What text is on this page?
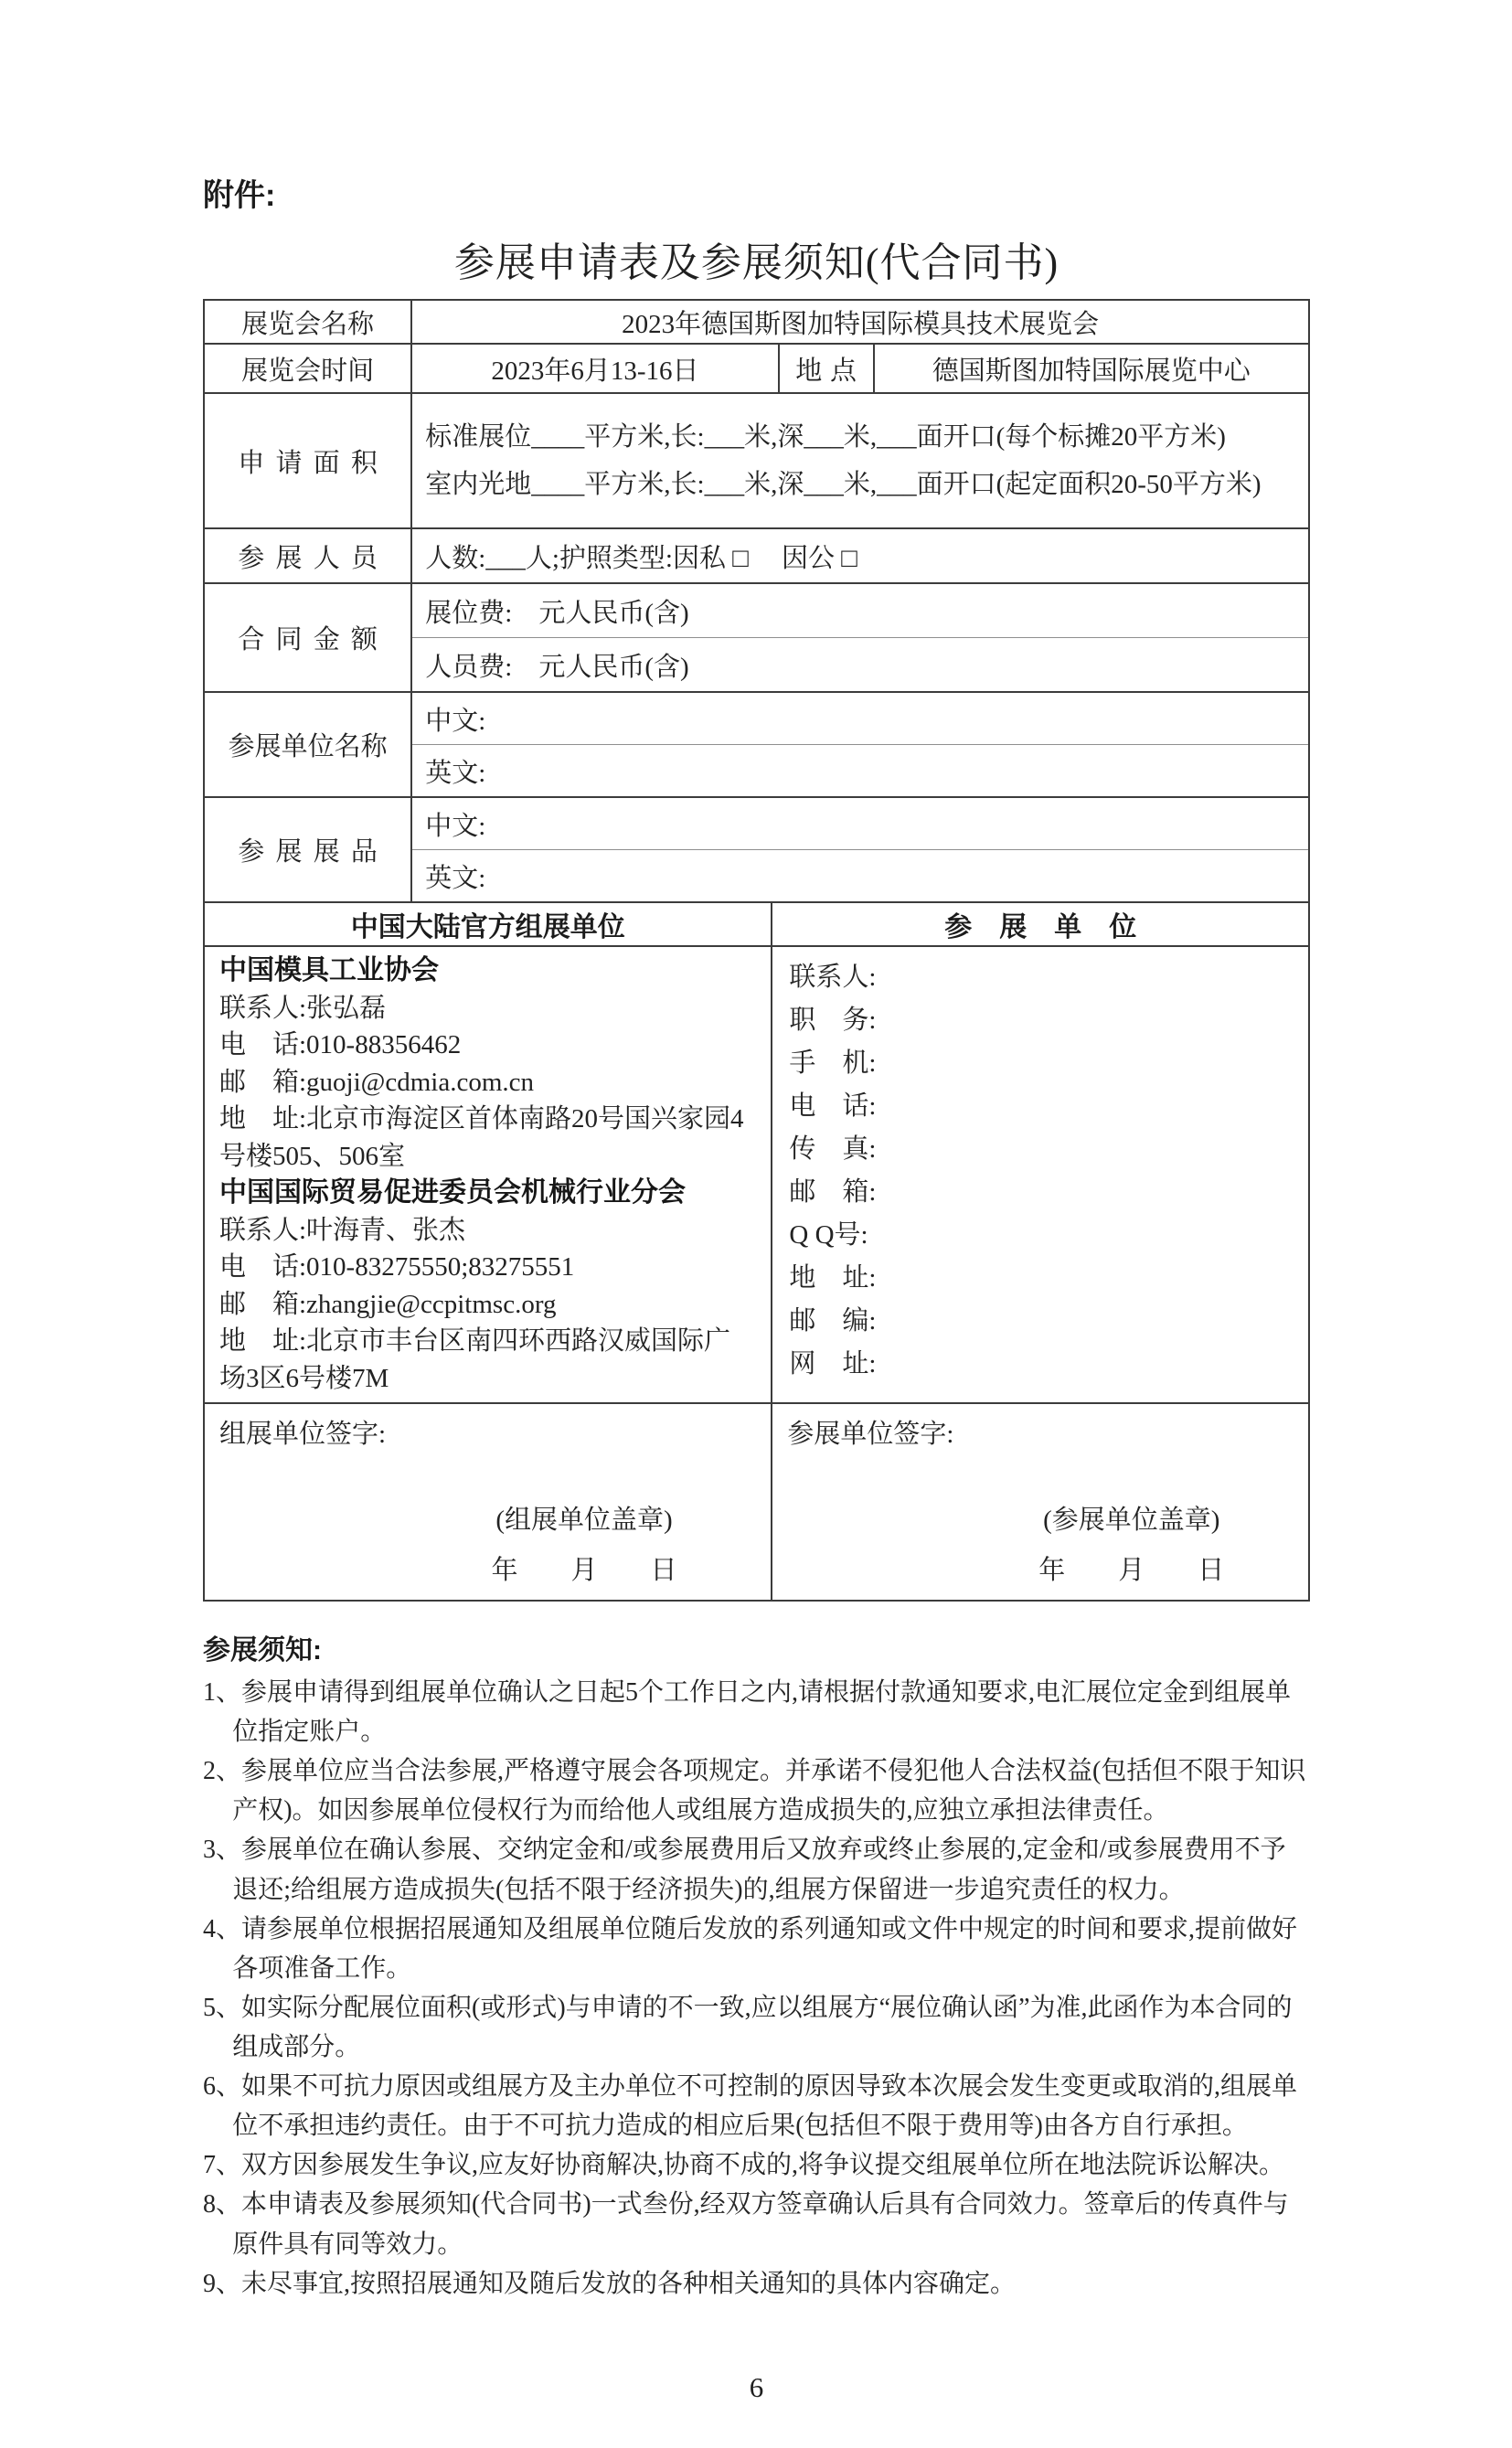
附件:
参展申请表及参展须知(代合同书)
展览会名称	2023年德国斯图加特国际模具技术展览会		
展览会时间	2023年6月13-16日	地点	德国斯图加特国际展览中心
申请面积	标准展位____平方米,长:___米,深___米,___面开口(每个标摊20平方米)
室内光地____平方米,长:___米,深___米,___面开口(起定面积20-50平方米)		

参展人员	人数:___人;护照类型:因私 □　 因公 □		
合同金额	展位费:　元人民币(含)		
	人员费:　元人民币(含)		
参展单位名称	中文:		
	英文:		
参展展品	中文:		
	英文:		
中国大陆官方组展单位	参　展　单　位

中国模具工业协会
联系人:张弘磊
电　话:010-88356462
邮　箱:guoji@cdmia.com.cn
地　址:北京市海淀区首体南路20号国兴家园4号楼505、506室
中国国际贸易促进委员会机械行业分会
联系人:叶海青、张杰
电　话:010-83275550;83275551
邮　箱:zhangjie@ccpitmsc.org
地　址:北京市丰台区南四环西路汉威国际广场3区6号楼7M

联系人:
职　务:
手　机:
电　话:
传　真:
邮　箱:
Q Q号:
地　址:
邮　编:
网　址:

组展单位签字:
(组展单位盖章)
年　　月　　日

参展单位签字:
(参展单位盖章)
年　　月　　日
参展须知:
1、参展申请得到组展单位确认之日起5个工作日之内,请根据付款通知要求,电汇展位定金到组展单位指定账户。
2、参展单位应当合法参展,严格遵守展会各项规定。并承诺不侵犯他人合法权益(包括但不限于知识产权)。如因参展单位侵权行为而给他人或组展方造成损失的,应独立承担法律责任。
3、参展单位在确认参展、交纳定金和/或参展费用后又放弃或终止参展的,定金和/或参展费用不予退还;给组展方造成损失(包括不限于经济损失)的,组展方保留进一步追究责任的权力。
4、请参展单位根据招展通知及组展单位随后发放的系列通知或文件中规定的时间和要求,提前做好各项准备工作。
5、如实际分配展位面积(或形式)与申请的不一致,应以组展方“展位确认函”为准,此函作为本合同的组成部分。
6、如果不可抗力原因或组展方及主办单位不可控制的原因导致本次展会发生变更或取消的,组展单位不承担违约责任。由于不可抗力造成的相应后果(包括但不限于费用等)由各方自行承担。
7、双方因参展发生争议,应友好协商解决,协商不成的,将争议提交组展单位所在地法院诉讼解决。
8、本申请表及参展须知(代合同书)一式叁份,经双方签章确认后具有合同效力。签章后的传真件与原件具有同等效力。
9、未尽事宜,按照招展通知及随后发放的各种相关通知的具体内容确定。
6
